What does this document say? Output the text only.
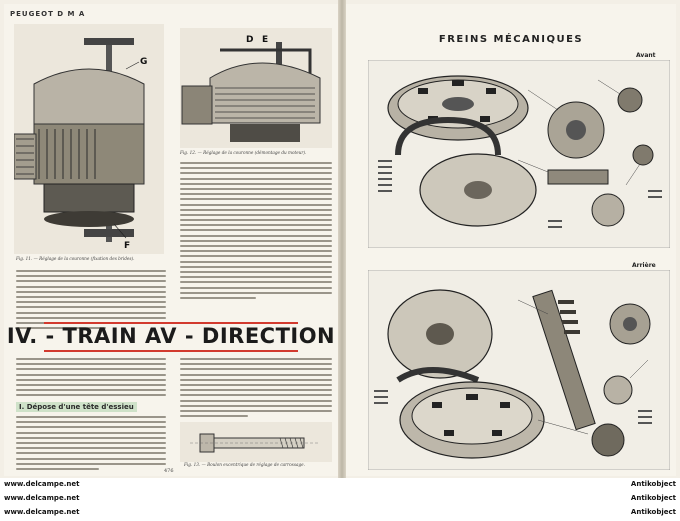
PEUGEOT D M A
G
F
Fig. 11. — Réglage de la couronne (fixation des brides).
D E
Fig. 12. — Réglage de la couronne (démontage du moteur).
IV. - TRAIN AV - DIRECTION
I. Dépose d'une tête d'essieu
Fig. 13. — Boulon excentrique de réglage de carrossage.
476
FREINS MÉCANIQUES
Avant
Arrière
www.delcampe.net	Antikobject
www.delcampe.net	Antikobject
www.delcampe.net	Antikobject
